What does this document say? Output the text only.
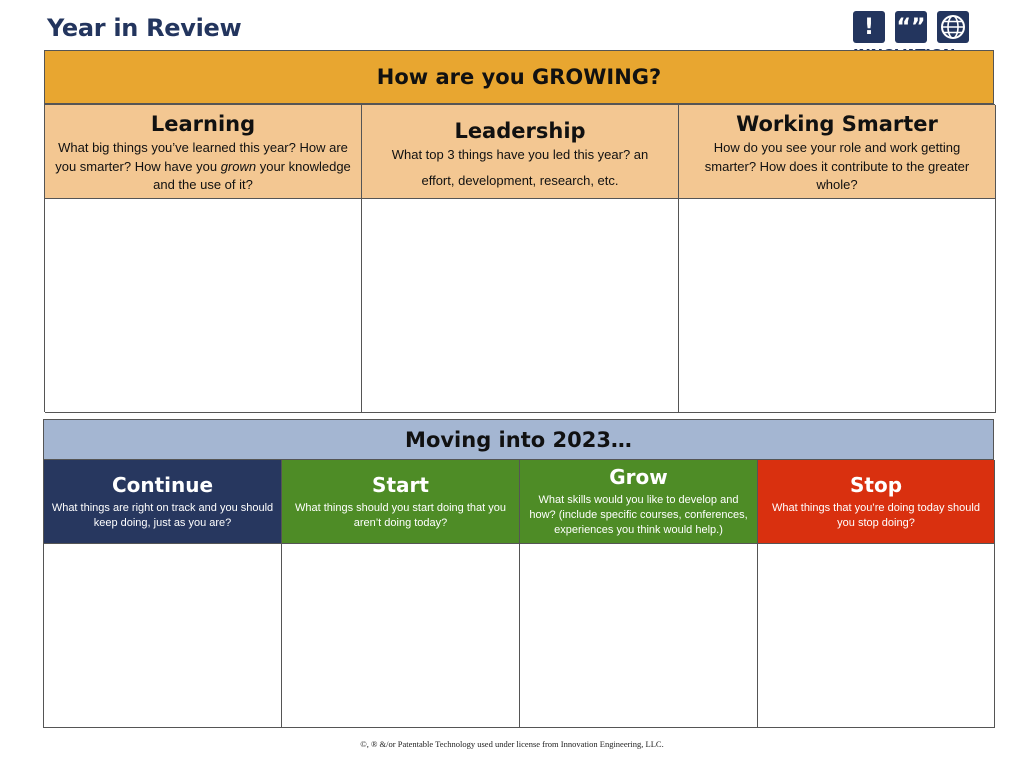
Year in Review	!	“”
How are you GROWING?
Learning
What big things you’ve learned this year? How are you smarter? How have you grown your knowledge and the use of it?
Leadership
What top 3 things have you led this year? an effort, development, research, etc.
Working Smarter
How do you see your role and work getting smarter? How does it contribute to the greater whole?
Moving into 2023…
Continue
What things are right on track and you should keep doing, just as you are?
Start
What things should you start doing that you aren’t doing today?
Grow
What skills would you like to develop and how? (include specific courses, conferences, experiences you think would help.)
Stop
What things that you’re doing today should you stop doing?
©, ® &/or Patentable Technology used under license from Innovation Engineering, LLC.
